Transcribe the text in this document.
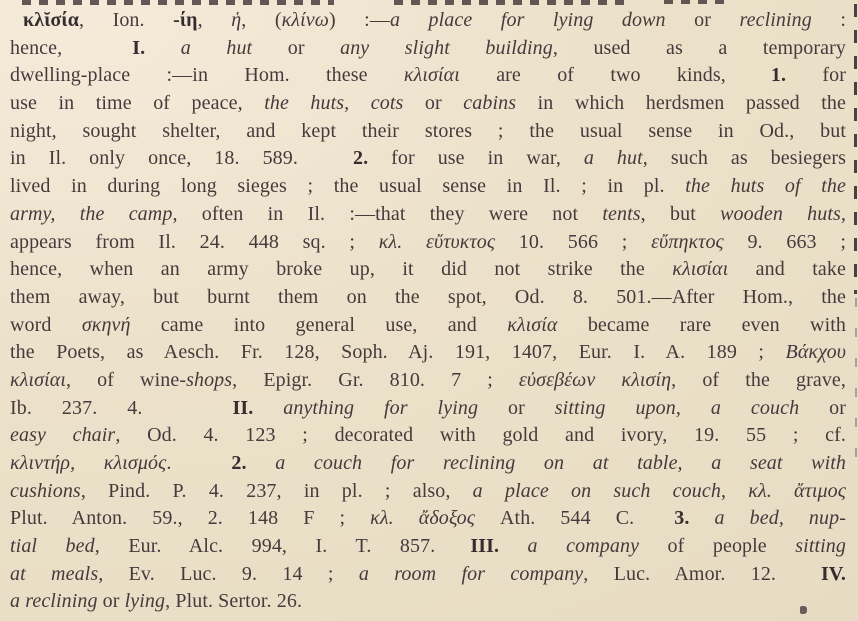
κλῐσία, Ion. -ίη, ἡ, (κλίνω) :—a place for lying down or reclining :
hence,	I. a hut or any slight building, used as a temporary
dwelling-place :—in Hom. these κλισίαι are of two kinds, 1. for
use in time of peace, the huts, cots or cabins in which herdsmen passed the
night, sought shelter, and kept their stores ; the usual sense in Od., but
in Il. only once, 18. 589.	2. for use in war, a hut, such as besiegers
lived in during long sieges ; the usual sense in Il. ; in pl. the huts of the
army, the camp, often in Il. :—that they were not tents, but wooden huts,
appears from Il. 24. 448 sq. ; κλ. εὔτυκτος 10. 566 ; εὔπηκτος 9. 663 ;
hence, when an army broke up, it did not strike the κλισίαι and take
them away, but burnt them on the spot, Od. 8. 501.—After Hom., the
word σκηνή came into general use, and κλισία became rare even with
the Poets, as Aesch. Fr. 128, Soph. Aj. 191, 1407, Eur. I. A. 189 ; Βάκχου
κλισίαι, of wine-shops, Epigr. Gr. 810. 7 ; εὐσεβέων κλισίη, of the grave,
Ib. 237. 4.	II. anything for lying or sitting upon, a couch or
easy chair, Od. 4. 123 ; decorated with gold and ivory, 19. 55 ; cf.
κλιντήρ, κλισμός.	2. a couch for reclining on at table, a seat with
cushions, Pind. P. 4. 237, in pl. ; also, a place on such couch, κλ. ἄτιμος
Plut. Anton. 59., 2. 148 F ; κλ. ἄδοξος Ath. 544 C. 3. a bed, nup-
tial bed, Eur. Alc. 994, I. T. 857. III. a company of people sitting
at meals, Ev. Luc. 9. 14 ; a room for company, Luc. Amor. 12. IV.
a reclining or lying, Plut. Sertor. 26.
